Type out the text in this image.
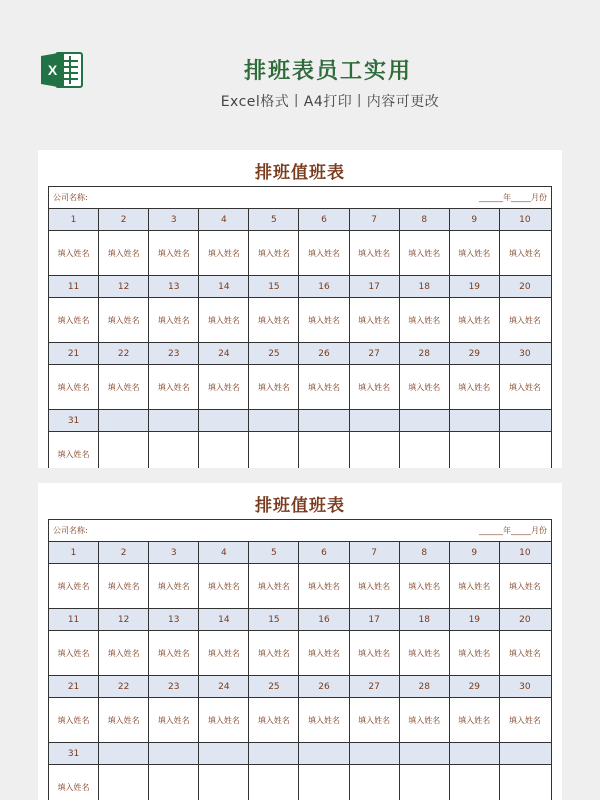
X	排班表员工实用
Excel格式丨A4打印丨内容可更改
排班值班表
公司名称:	______年_____月份
1	2	3	4	5	6	7	8	9	10
填入姓名	填入姓名	填入姓名	填入姓名	填入姓名	填入姓名	填入姓名	填入姓名	填入姓名	填入姓名
11	12	13	14	15	16	17	18	19	20
填入姓名	填入姓名	填入姓名	填入姓名	填入姓名	填入姓名	填入姓名	填入姓名	填入姓名	填入姓名
21	22	23	24	25	26	27	28	29	30
填入姓名	填入姓名	填入姓名	填入姓名	填入姓名	填入姓名	填入姓名	填入姓名	填入姓名	填入姓名
31
填入姓名
排班值班表
公司名称:	______年_____月份
1	2	3	4	5	6	7	8	9	10
填入姓名	填入姓名	填入姓名	填入姓名	填入姓名	填入姓名	填入姓名	填入姓名	填入姓名	填入姓名
11	12	13	14	15	16	17	18	19	20
填入姓名	填入姓名	填入姓名	填入姓名	填入姓名	填入姓名	填入姓名	填入姓名	填入姓名	填入姓名
21	22	23	24	25	26	27	28	29	30
填入姓名	填入姓名	填入姓名	填入姓名	填入姓名	填入姓名	填入姓名	填入姓名	填入姓名	填入姓名
31
填入姓名
